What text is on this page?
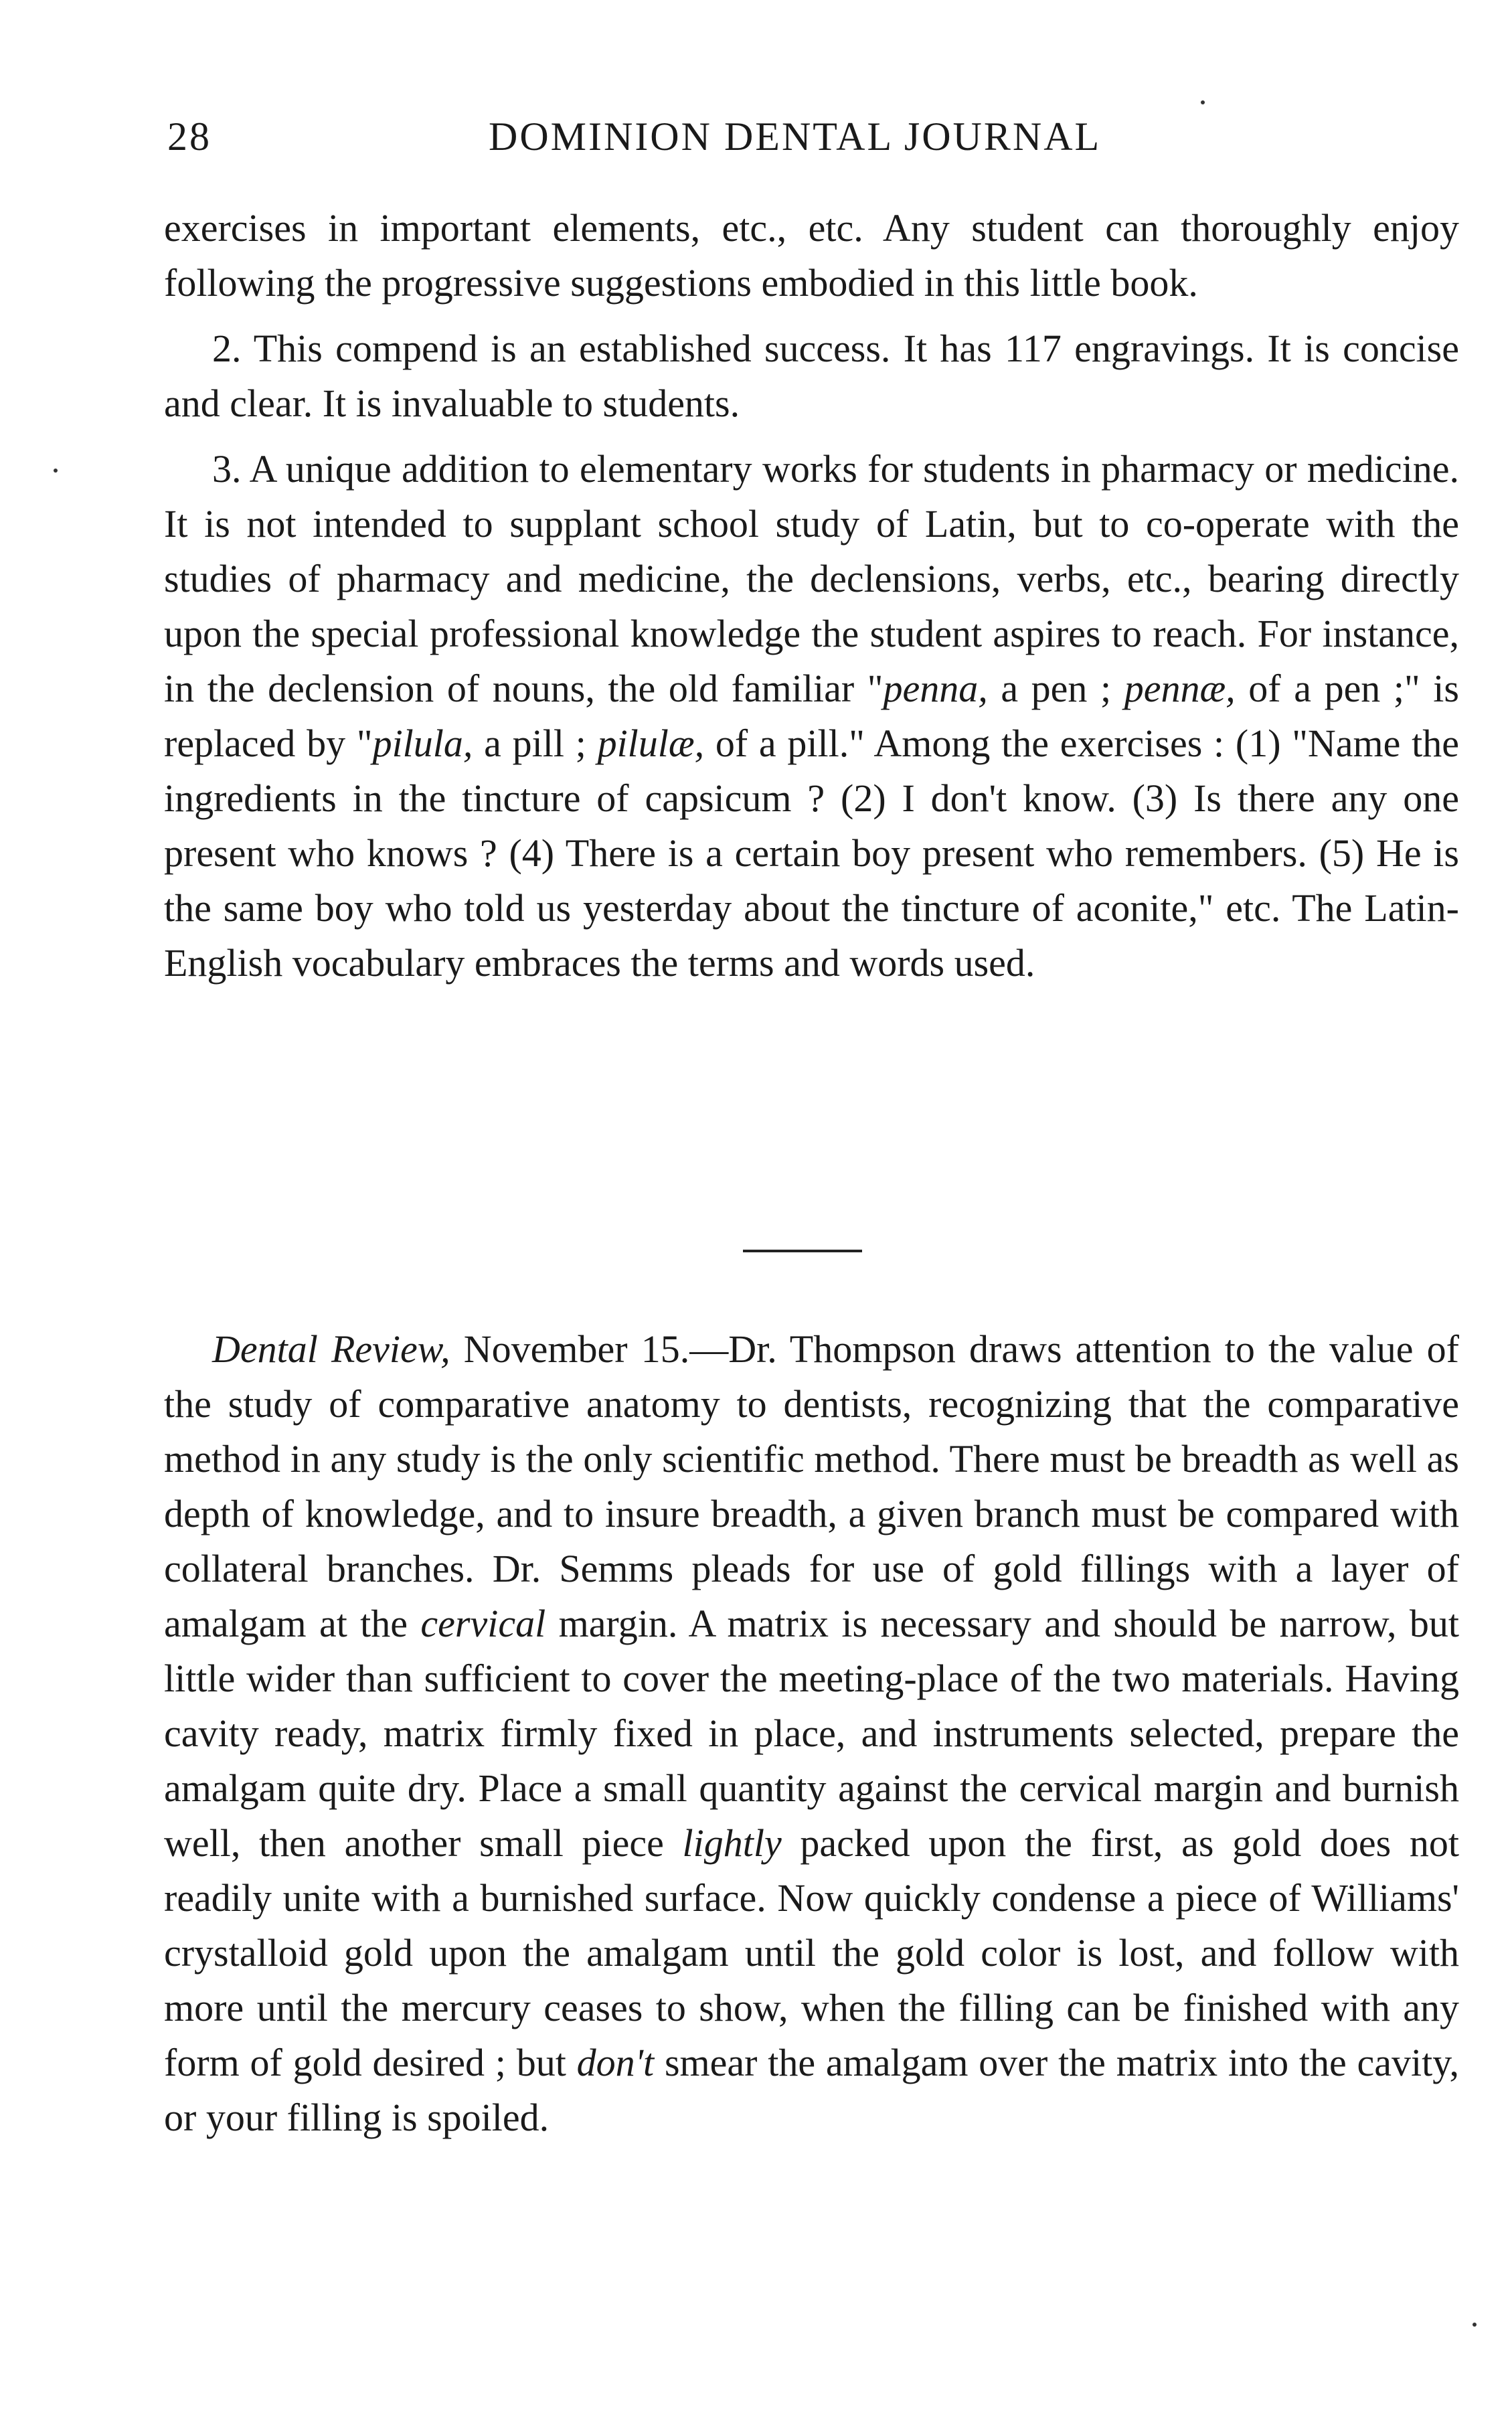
28	DOMINION DENTAL JOURNAL

exercises in important elements, etc., etc. Any student can thoroughly enjoy following the progressive suggestions embodied in this little book.

2. This compend is an established success. It has 117 engravings. It is concise and clear. It is invaluable to students.

3. A unique addition to elementary works for students in pharmacy or medicine. It is not intended to supplant school study of Latin, but to co-operate with the studies of pharmacy and medicine, the declensions, verbs, etc., bearing directly upon the special professional knowledge the student aspires to reach. For instance, in the declension of nouns, the old familiar "penna, a pen ; pennæ, of a pen ;" is replaced by "pilula, a pill ; pilulæ, of a pill." Among the exercises : (1) "Name the ingredients in the tincture of capsicum ? (2) I don't know. (3) Is there any one present who knows ? (4) There is a certain boy present who remembers. (5) He is the same boy who told us yesterday about the tincture of aconite," etc. The Latin-English vocabulary embraces the terms and words used.

Dental Review, November 15.—Dr. Thompson draws attention to the value of the study of comparative anatomy to dentists, recognizing that the comparative method in any study is the only scientific method. There must be breadth as well as depth of knowledge, and to insure breadth, a given branch must be compared with collateral branches. Dr. Semms pleads for use of gold fillings with a layer of amalgam at the cervical margin. A matrix is necessary and should be narrow, but little wider than sufficient to cover the meeting-place of the two materials. Having cavity ready, matrix firmly fixed in place, and instruments selected, prepare the amalgam quite dry. Place a small quantity against the cervical margin and burnish well, then another small piece lightly packed upon the first, as gold does not readily unite with a burnished surface. Now quickly condense a piece of Williams' crystalloid gold upon the amalgam until the gold color is lost, and follow with more until the mercury ceases to show, when the filling can be finished with any form of gold desired ; but don't smear the amalgam over the matrix into the cavity, or your filling is spoiled.
